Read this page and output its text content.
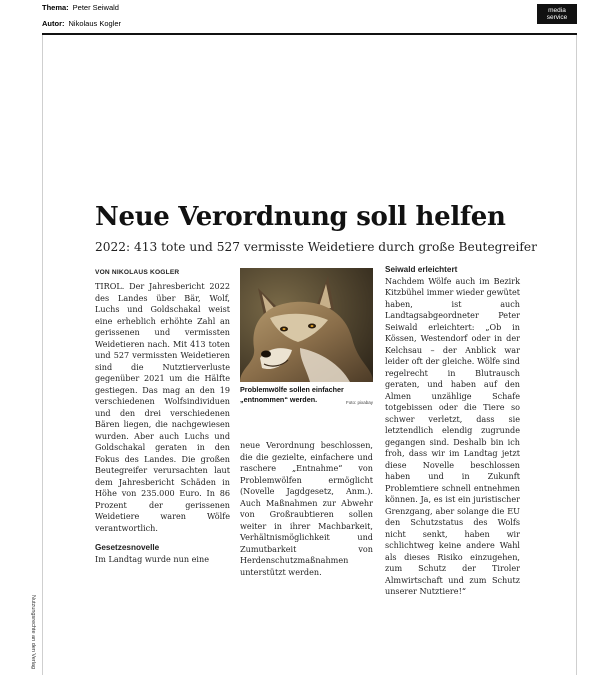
Thema: Peter Seiwald
Autor: Nikolaus Kogler
media
service
Nutzungsrechte an den Verlag
Neue Verordnung soll helfen

2022: 413 tote und 527 vermisste Weidetiere durch große Beutegreifer

VON NIKOLAUS KOGLER

TIROL. Der Jahresbericht 2022 des Landes über Bär, Wolf, Luchs und Goldschakal weist eine erheblich erhöhte Zahl an gerissenen und vermissten Weidetieren nach. Mit 413 toten und 527 vermissten Weidetieren sind die Nutztierverluste gegenüber 2021 um die Hälfte gestiegen. Das mag an den 19 verschiedenen Wolfsindividuen und den drei verschiedenen Bären liegen, die nachgewiesen wurden. Aber auch Luchs und Goldschakal geraten in den Fokus des Landes. Die großen Beutegreifer verursachten laut dem Jahresbericht Schäden in Höhe von 235.000 Euro. In 86 Prozent der gerissenen Weidetiere waren Wölfe verantwortlich.

Gesetzesnovelle

Im Landtag wurde nun eine

Problemwölfe sollen einfacher „entnommen“ werden.	Foto: pixabay

neue Verordnung beschlossen, die die gezielte, einfachere und raschere „Entnahme“ von Problemwölfen ermöglicht (Novelle Jagdgesetz, Anm.). Auch Maßnahmen zur Abwehr von Großraubtieren sollen weiter in ihrer Machbarkeit, Verhältnismöglichkeit und Zumutbarkeit von Herdenschutzmaßnahmen unterstützt werden.

Seiwald erleichtert

Nachdem Wölfe auch im Bezirk Kitzbühel immer wieder gewütet haben, ist auch Landtagsabgeordneter Peter Seiwald erleichtert: „Ob in Kössen, Westendorf oder in der Kelchsau – der Anblick war leider oft der gleiche. Wölfe sind regelrecht in Blutrausch geraten, und haben auf den Almen unzählige Schafe totgebissen oder die Tiere so schwer verletzt, dass sie letztendlich elendig zugrunde gegangen sind. Deshalb bin ich froh, dass wir im Landtag jetzt diese Novelle beschlossen haben und in Zukunft Problemtiere schnell entnehmen können. Ja, es ist ein juristischer Grenzgang, aber solange die EU den Schutzstatus des Wolfs nicht senkt, haben wir schlichtweg keine andere Wahl als dieses Risiko einzugehen, zum Schutz der Tiroler Almwirtschaft und zum Schutz unserer Nutztiere!“
